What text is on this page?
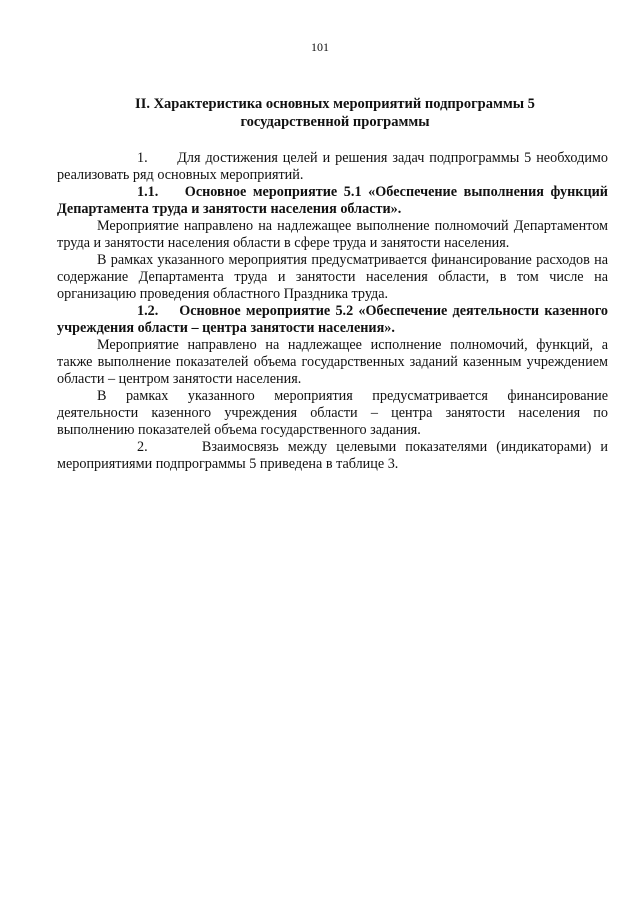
101
II. Характеристика основных мероприятий подпрограммы 5
государственной программы

1. Для достижения целей и решения задач подпрограммы 5 необходимо реализовать ряд основных мероприятий.

1.1. Основное мероприятие 5.1 «Обеспечение выполнения функций Департамента труда и занятости населения области».

Мероприятие направлено на надлежащее выполнение полномочий Департаментом труда и занятости населения области в сфере труда и занятости населения.

В рамках указанного мероприятия предусматривается финансирование расходов на содержание Департамента труда и занятости населения области, в том числе на организацию проведения областного Праздника труда.

1.2. Основное мероприятие 5.2 «Обеспечение деятельности казенного учреждения области – центра занятости населения».

Мероприятие направлено на надлежащее исполнение полномочий, функций, а также выполнение показателей объема государственных заданий казенным учреждением области – центром занятости населения.

В рамках указанного мероприятия предусматривается финансирование деятельности казенного учреждения области – центра занятости населения по выполнению показателей объема государственного задания.

2.	Взаимосвязь между целевыми показателями (индикаторами) и мероприятиями подпрограммы 5 приведена в таблице 3.
